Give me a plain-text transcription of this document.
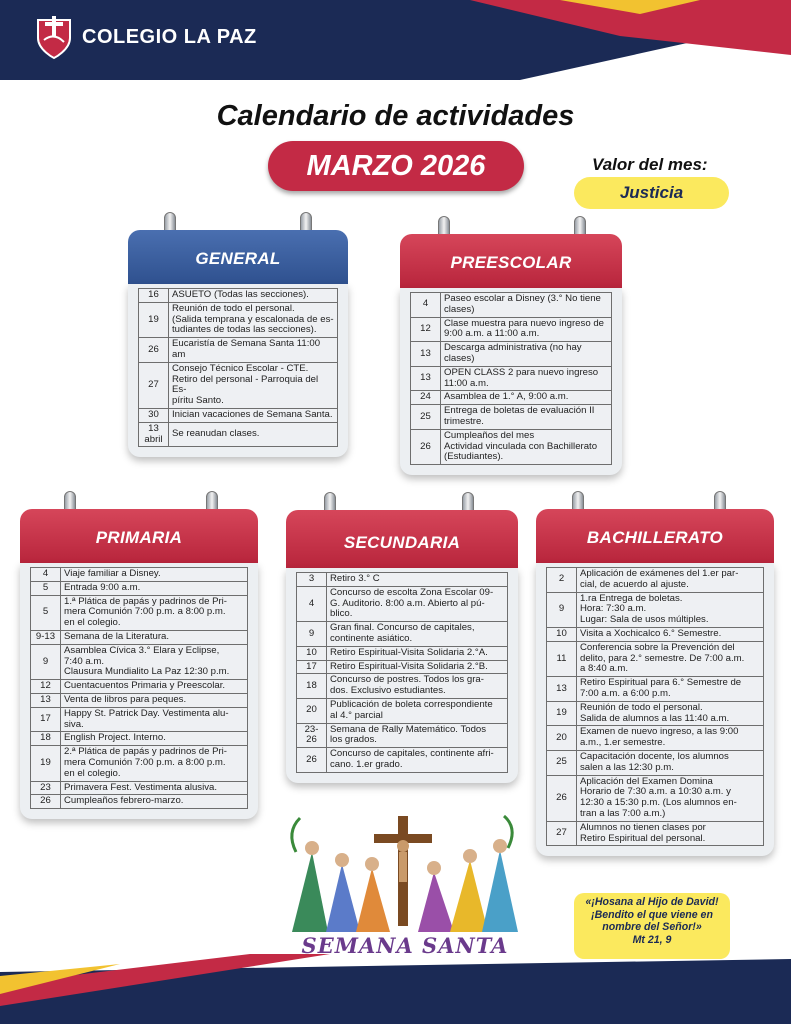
COLEGIO LA PAZ
Calendario de actividades
MARZO 2026	Valor del mes:
Justicia
GENERAL
16	ASUETO (Todas las secciones).
19	Reunión de todo el personal.
(Salida temprana y escalonada de es-
tudiantes de todas las secciones).
26	Eucaristía de Semana Santa 11:00 am
27	Consejo Técnico Escolar - CTE.
Retiro del personal - Parroquia del Es-
píritu Santo.
30	Inician vacaciones de Semana Santa.
13
abril	Se reanudan clases.
PREESCOLAR
4	Paseo escolar a Disney (3.° No tiene
clases)
12	Clase muestra para nuevo ingreso de
9:00 a.m. a 11:00 a.m.
13	Descarga administrativa (no hay
clases)
13	OPEN CLASS 2 para nuevo ingreso
11:00 a.m.
24	Asamblea de 1.° A, 9:00 a.m.
25	Entrega de boletas de evaluación II
trimestre.
26	Cumpleaños del mes
Actividad vinculada con Bachillerato
(Estudiantes).
PRIMARIA
4	Viaje familiar a Disney.
5	Entrada 9:00 a.m.
5	1.ª Plática de papás y padrinos de Pri-
mera Comunión 7:00 p.m. a 8:00 p.m.
en el colegio.
9-13	Semana de la Literatura.
9	Asamblea Cívica 3.° Elara y Eclipse,
7:40 a.m.
Clausura Mundialito La Paz 12:30 p.m.
12	Cuentacuentos Primaria y Preescolar.
13	Venta de libros para peques.
17	Happy St. Patrick Day. Vestimenta alu-
siva.
18	English Project. Interno.
19	2.ª Plática de papás y padrinos de Pri-
mera Comunión 7:00 p.m. a 8:00 p.m.
en el colegio.
23	Primavera Fest. Vestimenta alusiva.
26	Cumpleaños febrero-marzo.
SECUNDARIA
3	Retiro 3.° C
4	Concurso de escolta Zona Escolar 09-
G. Auditorio. 8:00 a.m. Abierto al pú-
blico.
9	Gran final. Concurso de capitales,
continente asiático.
10	Retiro Espiritual-Visita Solidaria 2.°A.
17	Retiro Espiritual-Visita Solidaria 2.°B.
18	Concurso de postres. Todos los gra-
dos. Exclusivo estudiantes.
20	Publicación de boleta correspondiente
al 4.° parcial
23-26	Semana de Rally Matemático. Todos
los grados.
26	Concurso de capitales, continente afri-
cano. 1.er grado.
BACHILLERATO
2	Aplicación de exámenes del 1.er par-
cial, de acuerdo al ajuste.
9	1.ra Entrega de boletas.
Hora: 7:30 a.m.
Lugar: Sala de usos múltiples.
10	Visita a Xochicalco 6.° Semestre.
11	Conferencia sobre la Prevención del
delito, para 2.° semestre. De 7:00 a.m.
a 8:40 a.m.
13	Retiro Espiritual para 6.° Semestre de
7:00 a.m. a 6:00 p.m.
19	Reunión de todo el personal.
Salida de alumnos a las 11:40 a.m.
20	Examen de nuevo ingreso, a las 9:00
a.m., 1.er semestre.
25	Capacitación docente, los alumnos
salen a las 12:30 p.m.
26	Aplicación del Examen Domina
Horario de 7:30 a.m. a 10:30 a.m. y
12:30 a 15:30 p.m. (Los alumnos en-
tran a las 7:00 a.m.)
27	Alumnos no tienen clases por
Retiro Espiritual del personal.
SEMANA SANTA
«¡Hosana al Hijo de David!
¡Bendito el que viene en
nombre del Señor!»
Mt 21, 9
